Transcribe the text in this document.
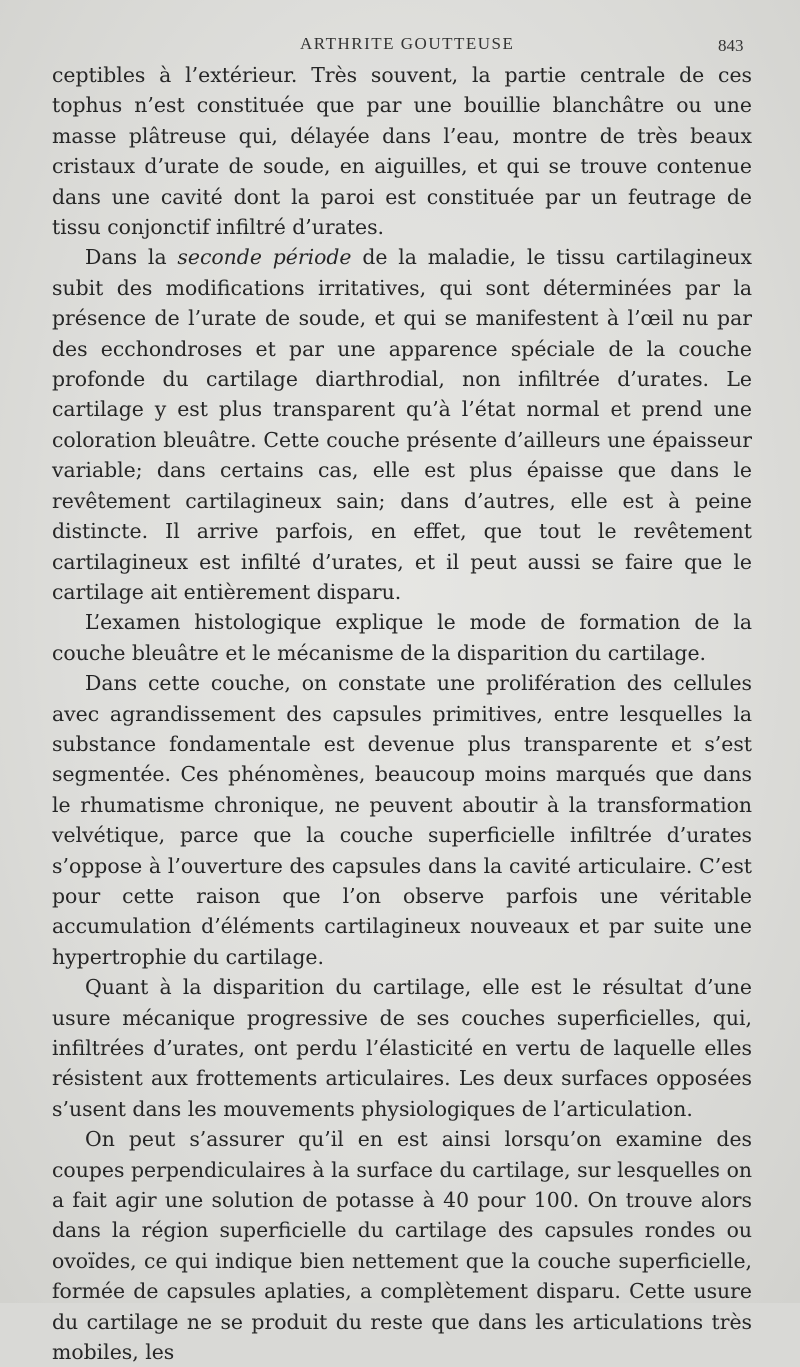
ARTHRITE GOUTTEUSE	843

ceptibles à l’extérieur. Très souvent, la partie centrale de ces tophus n’est constituée que par une bouillie blanchâtre ou une masse plâtreuse qui, délayée dans l’eau, montre de très beaux cristaux d’urate de soude, en aiguilles, et qui se trouve contenue dans une cavité dont la paroi est constituée par un feutrage de tissu conjonctif infiltré d’urates.

Dans la seconde période de la maladie, le tissu cartilagineux subit des modifications irritatives, qui sont déterminées par la présence de l’urate de soude, et qui se manifestent à l’œil nu par des ecchondroses et par une apparence spéciale de la couche profonde du cartilage diarthrodial, non infiltrée d’urates. Le cartilage y est plus transparent qu’à l’état normal et prend une coloration bleuâtre. Cette couche présente d’ailleurs une épaisseur variable; dans certains cas, elle est plus épaisse que dans le revêtement cartilagineux sain; dans d’autres, elle est à peine distincte. Il arrive parfois, en effet, que tout le revêtement cartilagineux est infilté d’urates, et il peut aussi se faire que le cartilage ait entièrement disparu.

L’examen histologique explique le mode de formation de la couche bleuâtre et le mécanisme de la disparition du cartilage.

Dans cette couche, on constate une prolifération des cellules avec agrandissement des capsules primitives, entre lesquelles la substance fondamentale est devenue plus transparente et s’est segmentée. Ces phénomènes, beaucoup moins marqués que dans le rhumatisme chronique, ne peuvent aboutir à la transformation velvétique, parce que la couche superficielle infiltrée d’urates s’oppose à l’ouverture des capsules dans la cavité articulaire. C’est pour cette raison que l’on observe parfois une véritable accumulation d’éléments cartilagineux nouveaux et par suite une hypertrophie du cartilage.

Quant à la disparition du cartilage, elle est le résultat d’une usure mécanique progressive de ses couches superficielles, qui, infiltrées d’urates, ont perdu l’élasticité en vertu de laquelle elles résistent aux frottements articulaires. Les deux surfaces opposées s’usent dans les mouvements physiologiques de l’articulation.

On peut s’assurer qu’il en est ainsi lorsqu’on examine des coupes perpendiculaires à la surface du cartilage, sur lesquelles on a fait agir une solution de potasse à 40 pour 100. On trouve alors dans la région superficielle du cartilage des capsules rondes ou ovoïdes, ce qui indique bien nettement que la couche superficielle, formée de capsules aplaties, a complètement disparu. Cette usure du cartilage ne se produit du reste que dans les articulations très mobiles, les
